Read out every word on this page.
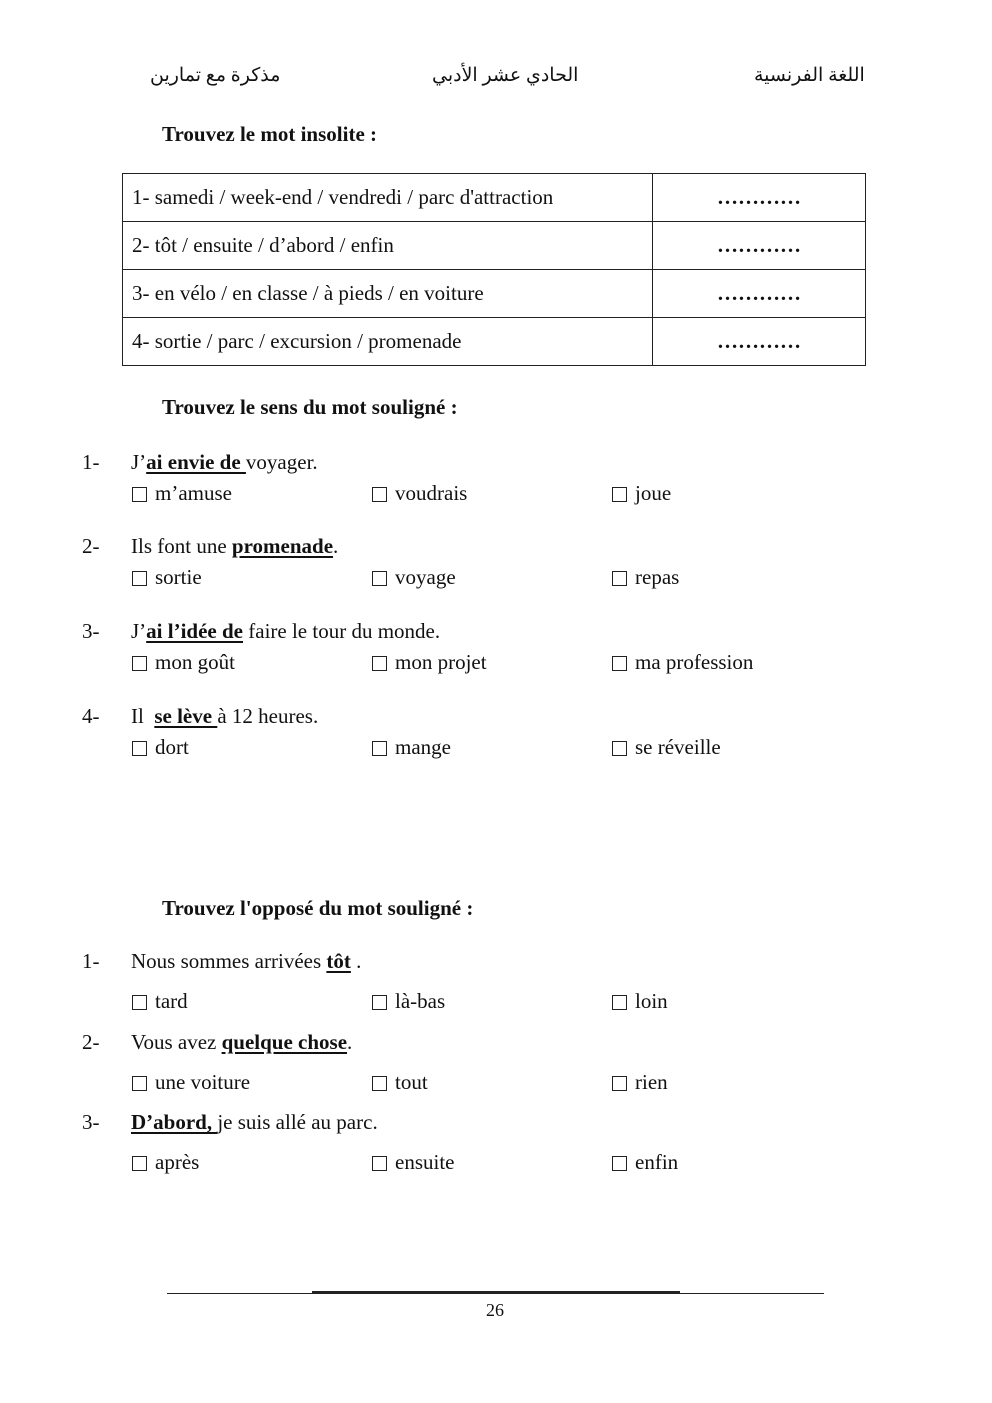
مذكرة مع تمارين	الحادي عشر الأدبي	اللغة الفرنسية
Trouvez le mot insolite :
1- samedi / week-end / vendredi / parc d'attraction	…………
2- tôt / ensuite / d’abord / enfin	…………
3- en vélo / en classe / à pieds / en voiture	…………
4- sortie / parc / excursion / promenade	…………
Trouvez le sens du mot souligné :
1- J’ai envie de voyager.
m’amuse	voudrais	joue
2- Ils font une promenade.
sortie	voyage	repas
3- J’ai l’idée de faire le tour du monde.
mon goût	mon projet	ma profession
4- Il  se lève à 12 heures.
dort	mange	se réveille
Trouvez l'opposé du mot souligné :
1- Nous sommes arrivées tôt .
tard	là-bas	loin
2- Vous avez quelque chose.
une voiture	tout	rien
3- D’abord, je suis allé au parc.
après	ensuite	enfin
26
